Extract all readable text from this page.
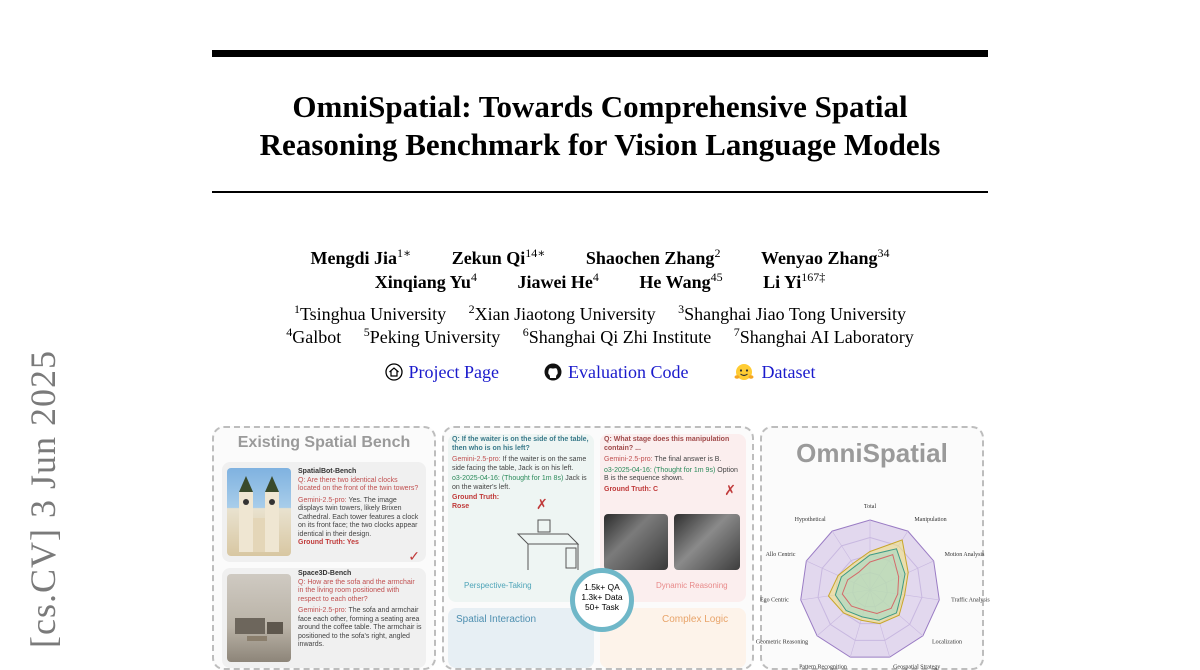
[cs.CV] 3 Jun 2025
OmniSpatial: Towards Comprehensive Spatial
Reasoning Benchmark for Vision Language Models
Mengdi Jia$^{1∗}$ Zekun $Qi^{14∗}$ Shaochen Zhang$^2$ Wenyao Zhang$^{34}$
Xinqiang Yu$^4$ Jiawei He$^4$ He Wang$^{45}$ Li $Yi^{167\ddagger}$
$^1$Tsinghua University $^2$Xian Jiaotong University $^3$Shanghai Jiao Tong University
$^4$Galbot $^5$Peking University $^6$Shanghai Qi Zhi Institute $^7$Shanghai AI Laboratory
Project Page	Evaluation Code	Dataset
Existing Spatial Bench
SpatialBot-Bench
Q: Are there two identical clocks located on the front of the twin towers?
Gemini-2.5-pro: Yes. The image displays twin towers, likely Brixen Cathedral. Each tower features a clock on its front face; the two clocks appear identical in their design.
Ground Truth: Yes
✓
Space3D-Bench
Q: How are the sofa and the armchair in the living room positioned with respect to each other?
Gemini-2.5-pro: The sofa and armchair face each other, forming a seating area around the coffee table. The armchair is positioned to the sofa's right, angled inwards.
Q: If the waiter is on the side of the table, then who is on his left?
Gemini-2.5-pro: If the waiter is on the same side facing the table, Jack is on his left.
o3-2025-04-16: (Thought for 1m 8s) Jack is on the waiter's left.
Ground Truth:
Rose	✗
Perspective-Taking
Q: What stage does this manipulation contain? ...
Gemini-2.5-pro: The final answer is B.
o3-2025-04-16: (Thought for 1m 9s) Option B is the sequence shown.
Ground Truth: C	✗
Dynamic Reasoning
Spatial Interaction	Complex Logic
1.5k+ QA
1.3k+ Data
50+ Task
OmniSpatial
Total
Manipulation
Motion Analysis
Traffic Analysis
Localization
Geospatial Strategy
Pattern Recognition
Geometric Reasoning
Ego Centric
Allo Centric
Hypothetical
